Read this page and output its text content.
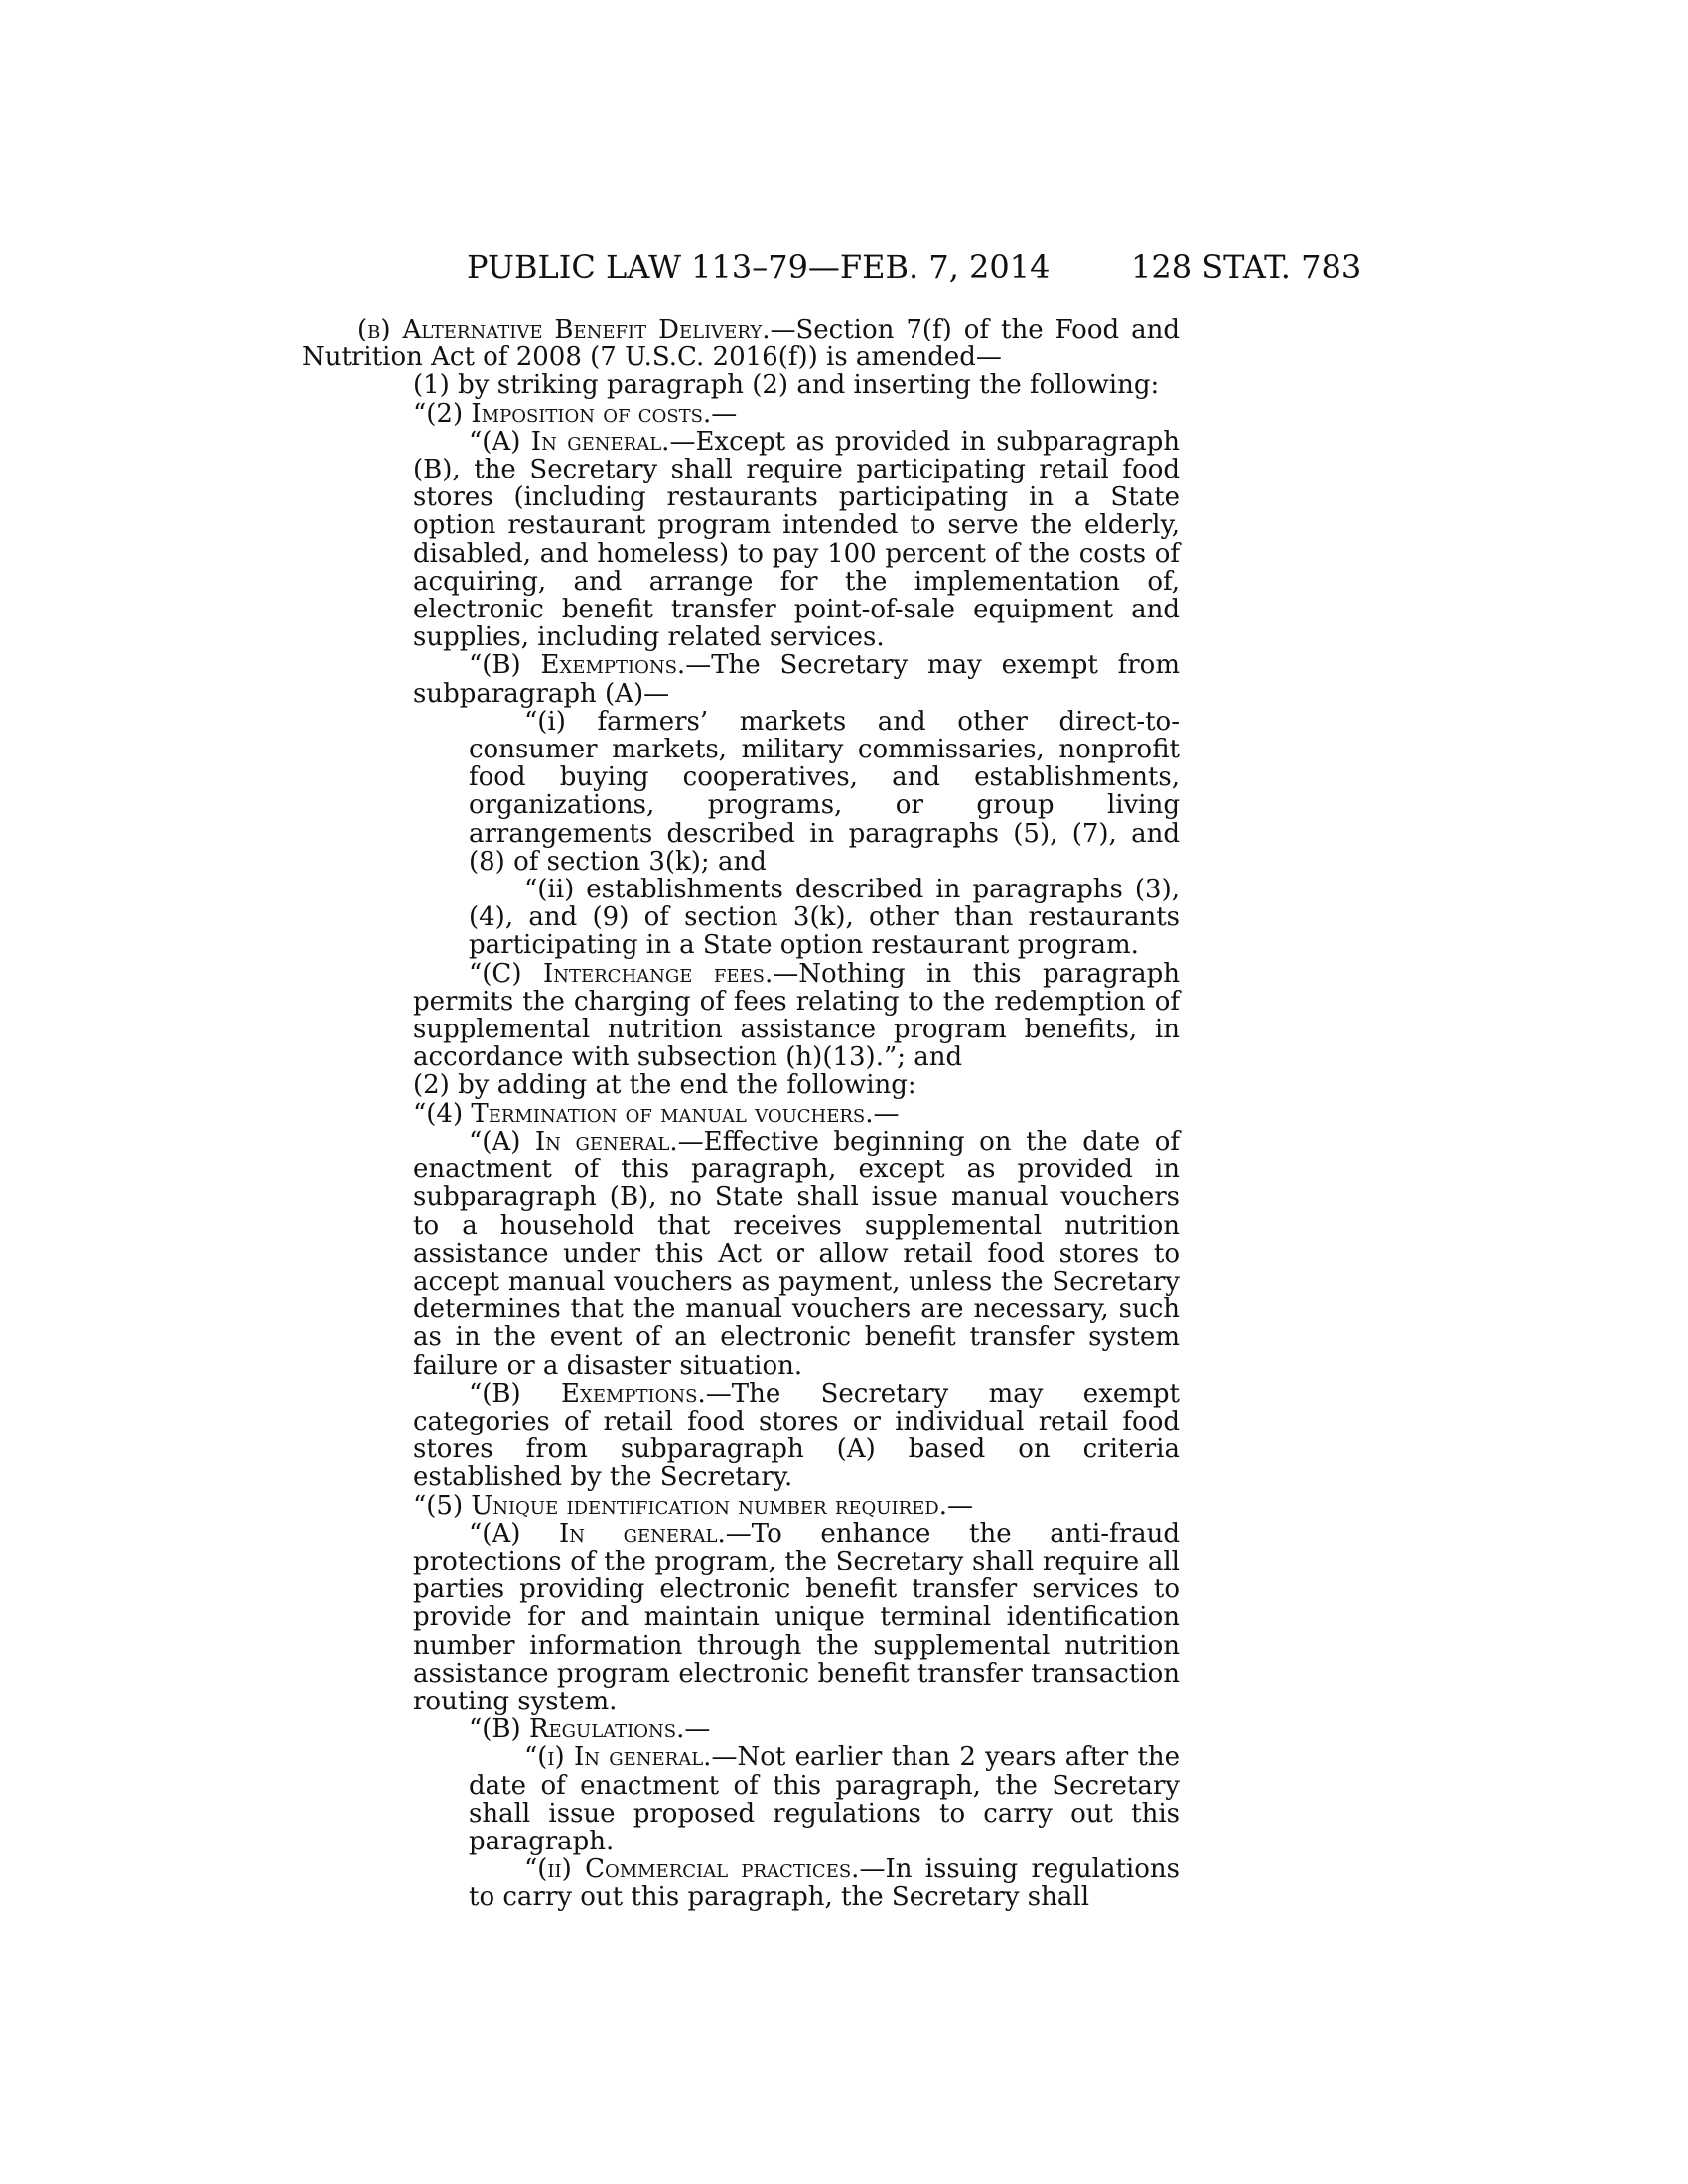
PUBLIC LAW 113–79—FEB. 7, 2014	128 STAT. 783
(b) Alternative Benefit Delivery.—Section 7(f) of the Food and Nutrition Act of 2008 (7 U.S.C. 2016(f)) is amended—
(1) by striking paragraph (2) and inserting the following:
“(2) Imposition of costs.—
“(A) In general.—Except as provided in subparagraph (B), the Secretary shall require participating retail food stores (including restaurants participating in a State option restaurant program intended to serve the elderly, disabled, and homeless) to pay 100 percent of the costs of acquiring, and arrange for the implementation of, electronic benefit transfer point-of-sale equipment and supplies, including related services.
“(B) Exemptions.—The Secretary may exempt from subparagraph (A)—
“(i) farmers’ markets and other direct-to-consumer markets, military commissaries, nonprofit food buying cooperatives, and establishments, organizations, programs, or group living arrangements described in paragraphs (5), (7), and (8) of section 3(k); and
“(ii) establishments described in paragraphs (3), (4), and (9) of section 3(k), other than restaurants participating in a State option restaurant program.
“(C) Interchange fees.—Nothing in this paragraph permits the charging of fees relating to the redemption of supplemental nutrition assistance program benefits, in accordance with subsection (h)(13).”; and
(2) by adding at the end the following:
“(4) Termination of manual vouchers.—
“(A) In general.—Effective beginning on the date of enactment of this paragraph, except as provided in subparagraph (B), no State shall issue manual vouchers to a household that receives supplemental nutrition assistance under this Act or allow retail food stores to accept manual vouchers as payment, unless the Secretary determines that the manual vouchers are necessary, such as in the event of an electronic benefit transfer system failure or a disaster situation.
“(B) Exemptions.—The Secretary may exempt categories of retail food stores or individual retail food stores from subparagraph (A) based on criteria established by the Secretary.
“(5) Unique identification number required.—
“(A) In general.—To enhance the anti-fraud protections of the program, the Secretary shall require all parties providing electronic benefit transfer services to provide for and maintain unique terminal identification number information through the supplemental nutrition assistance program electronic benefit transfer transaction routing system.
“(B) Regulations.—
“(i) In general.—Not earlier than 2 years after the date of enactment of this paragraph, the Secretary shall issue proposed regulations to carry out this paragraph.
“(ii) Commercial practices.—In issuing regulations to carry out this paragraph, the Secretary shall
